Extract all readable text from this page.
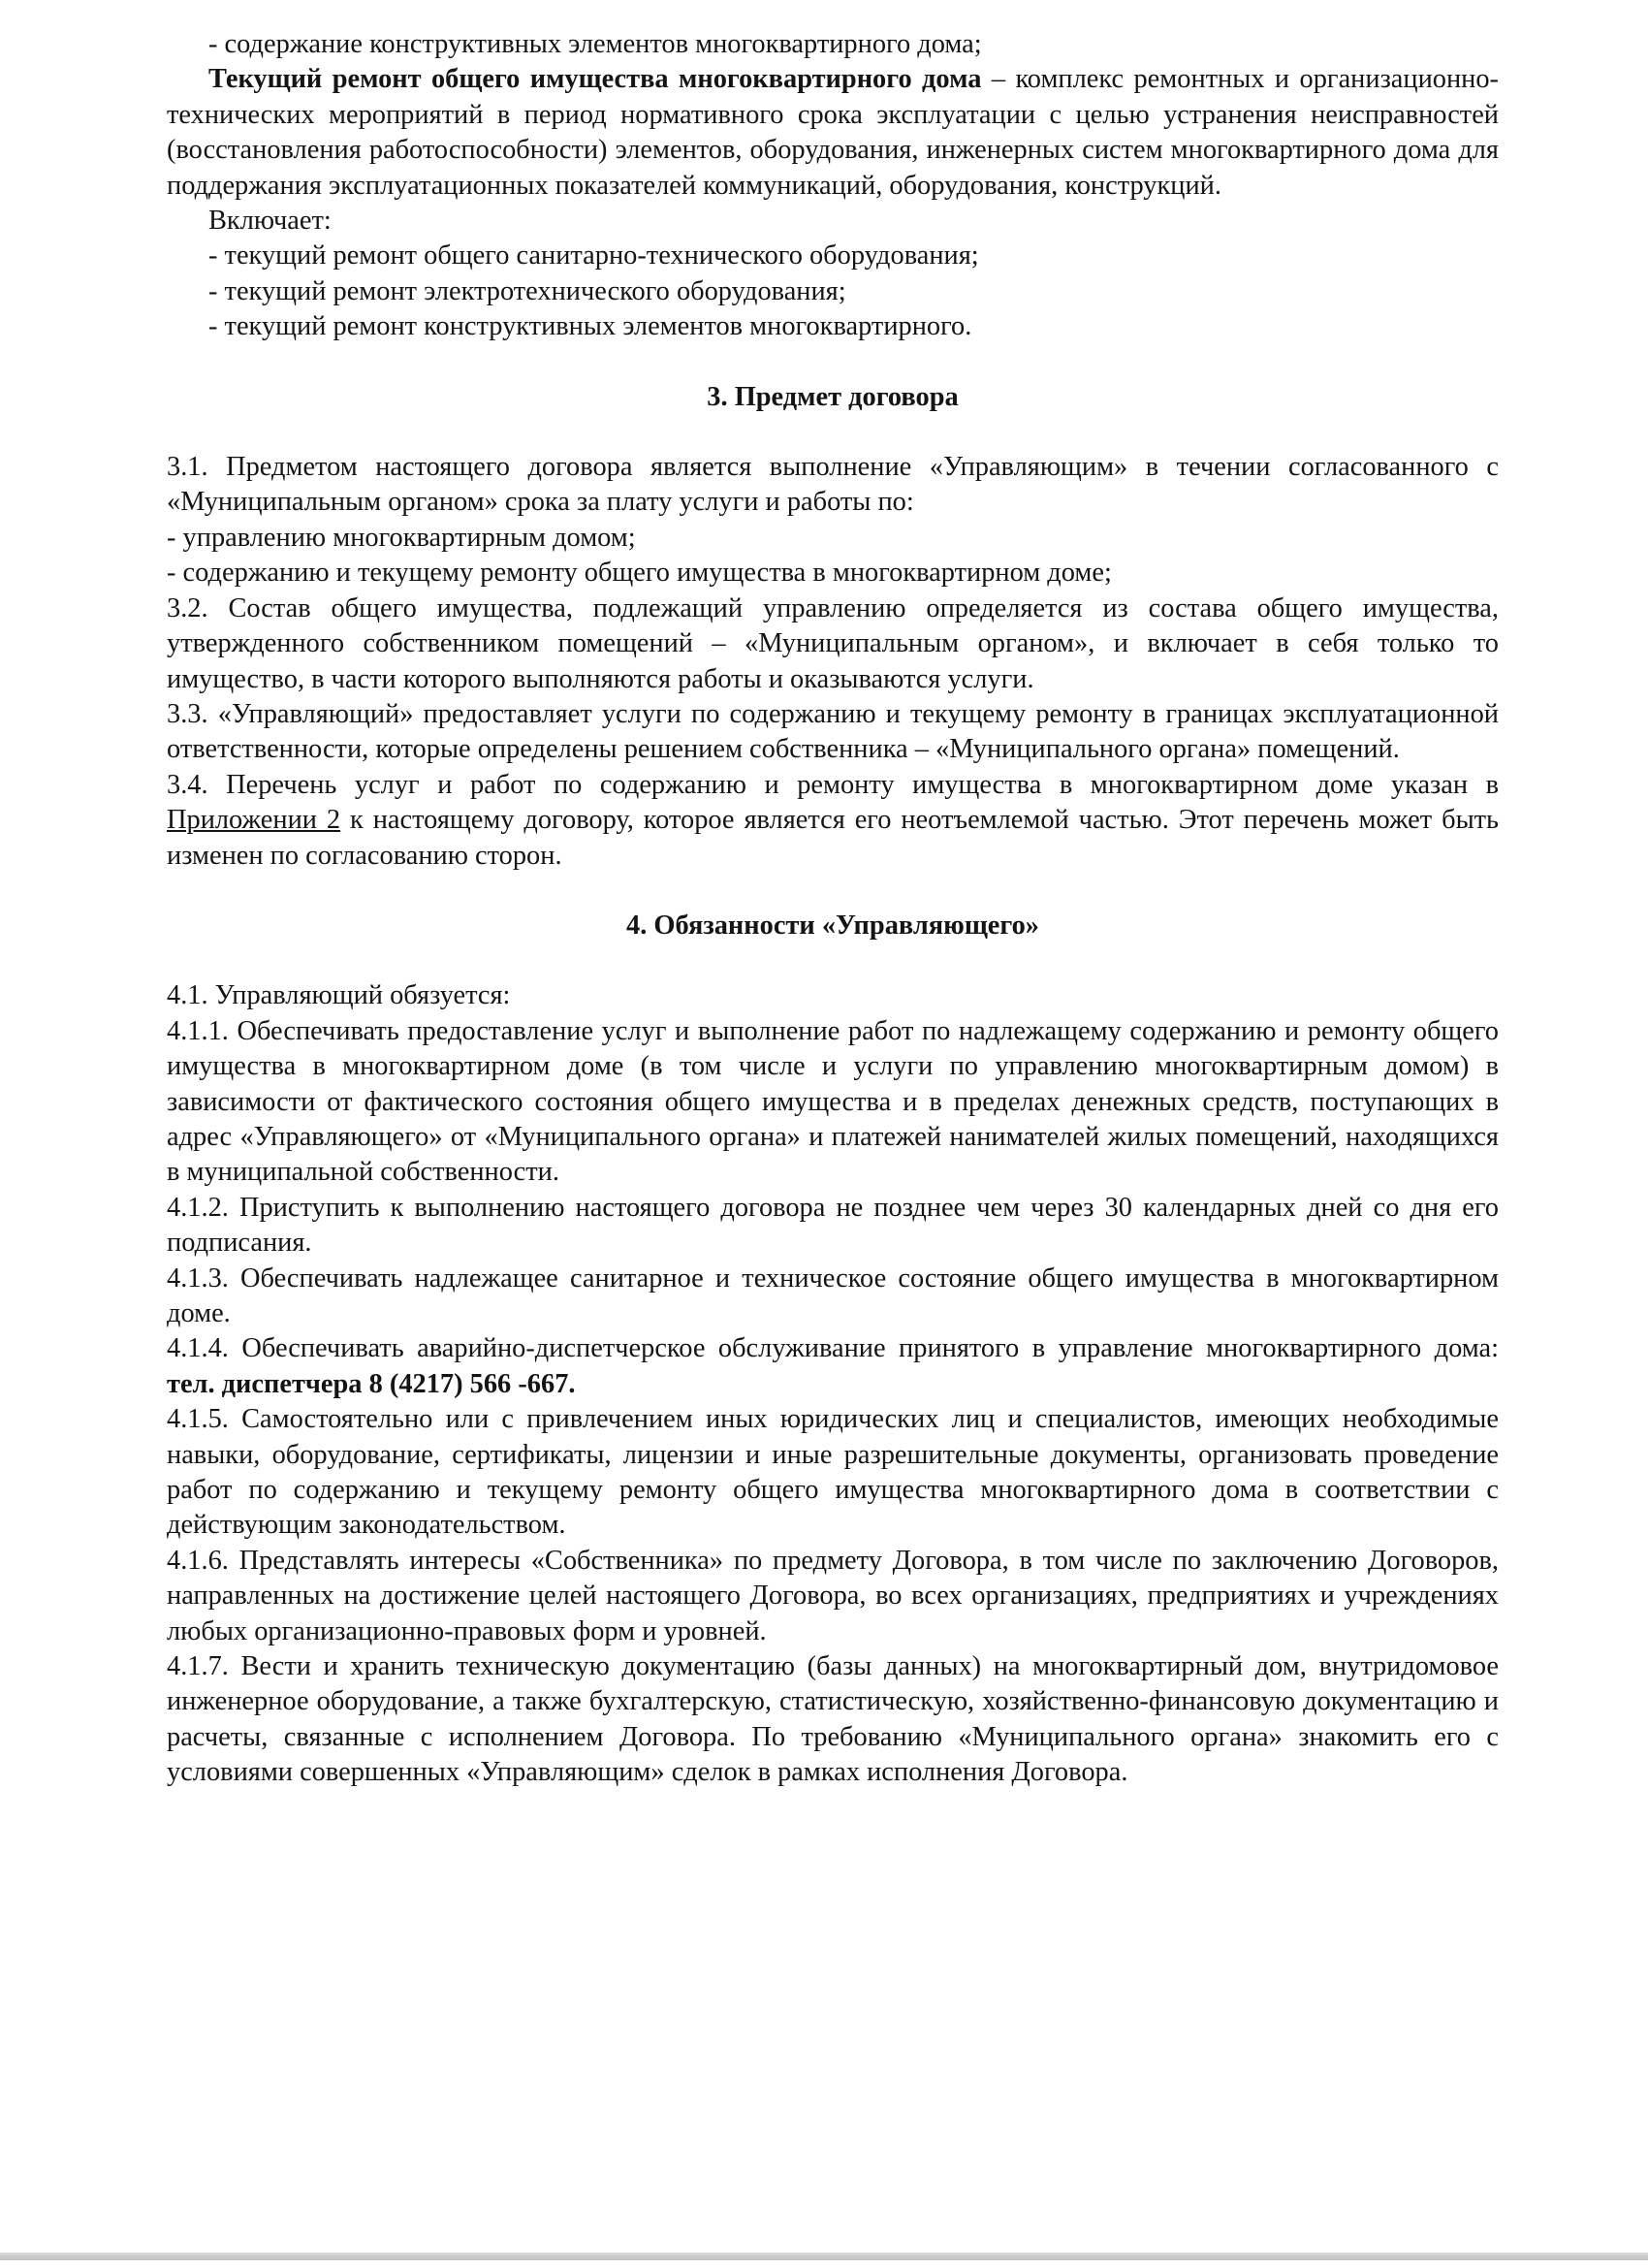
- содержание конструктивных элементов многоквартирного дома;

Текущий ремонт общего имущества многоквартирного дома – комплекс ремонтных и организационно-технических мероприятий в период нормативного срока эксплуатации с целью устранения неисправностей (восстановления работоспособности) элементов, оборудования, инженерных систем многоквартирного дома для поддержания эксплуатационных показателей коммуникаций, оборудования, конструкций.

Включает:

- текущий ремонт общего санитарно-технического оборудования;

- текущий ремонт электротехнического оборудования;

- текущий ремонт конструктивных элементов многоквартирного.

3. Предмет договора

3.1. Предметом настоящего договора является выполнение «Управляющим» в течении согласованного с «Муниципальным органом» срока за плату услуги и работы по:

- управлению многоквартирным домом;

- содержанию и текущему ремонту общего имущества в многоквартирном доме;

3.2. Состав общего имущества, подлежащий управлению определяется из состава общего имущества, утвержденного собственником помещений – «Муниципальным органом», и включает в себя только то имущество, в части которого выполняются работы и оказываются услуги.

3.3. «Управляющий» предоставляет услуги по содержанию и текущему ремонту в границах эксплуатационной ответственности, которые определены решением собственника – «Муниципального органа» помещений.

3.4. Перечень услуг и работ по содержанию и ремонту имущества в многоквартирном доме указан в Приложении 2 к настоящему договору, которое является его неотъемлемой частью. Этот перечень может быть изменен по согласованию сторон.

4. Обязанности «Управляющего»

4.1. Управляющий обязуется:

4.1.1. Обеспечивать предоставление услуг и выполнение работ по надлежащему содержанию и ремонту общего имущества в многоквартирном доме (в том числе и услуги по управлению многоквартирным домом) в зависимости от фактического состояния общего имущества и в пределах денежных средств, поступающих в адрес «Управляющего» от «Муниципального органа» и платежей нанимателей жилых помещений, находящихся в муниципальной собственности.

4.1.2. Приступить к выполнению настоящего договора не позднее чем через 30 календарных дней со дня его подписания.

4.1.3. Обеспечивать надлежащее санитарное и техническое состояние общего имущества в многоквартирном доме.

4.1.4. Обеспечивать аварийно-диспетчерское обслуживание принятого в управление многоквартирного дома: тел. диспетчера 8 (4217) 566 -667.

4.1.5. Самостоятельно или с привлечением иных юридических лиц и специалистов, имеющих необходимые навыки, оборудование, сертификаты, лицензии и иные разрешительные документы, организовать проведение работ по содержанию и текущему ремонту общего имущества многоквартирного дома в соответствии с действующим законодательством.

4.1.6. Представлять интересы «Собственника» по предмету Договора, в том числе по заключению Договоров, направленных на достижение целей настоящего Договора, во всех организациях, предприятиях и учреждениях любых организационно-правовых форм и уровней.

4.1.7. Вести и хранить техническую документацию (базы данных) на многоквартирный дом, внутридомовое инженерное оборудование, а также бухгалтерскую, статистическую, хозяйственно-финансовую документацию и расчеты, связанные с исполнением Договора. По требованию «Муниципального органа» знакомить его с условиями совершенных «Управляющим» сделок в рамках исполнения Договора.
